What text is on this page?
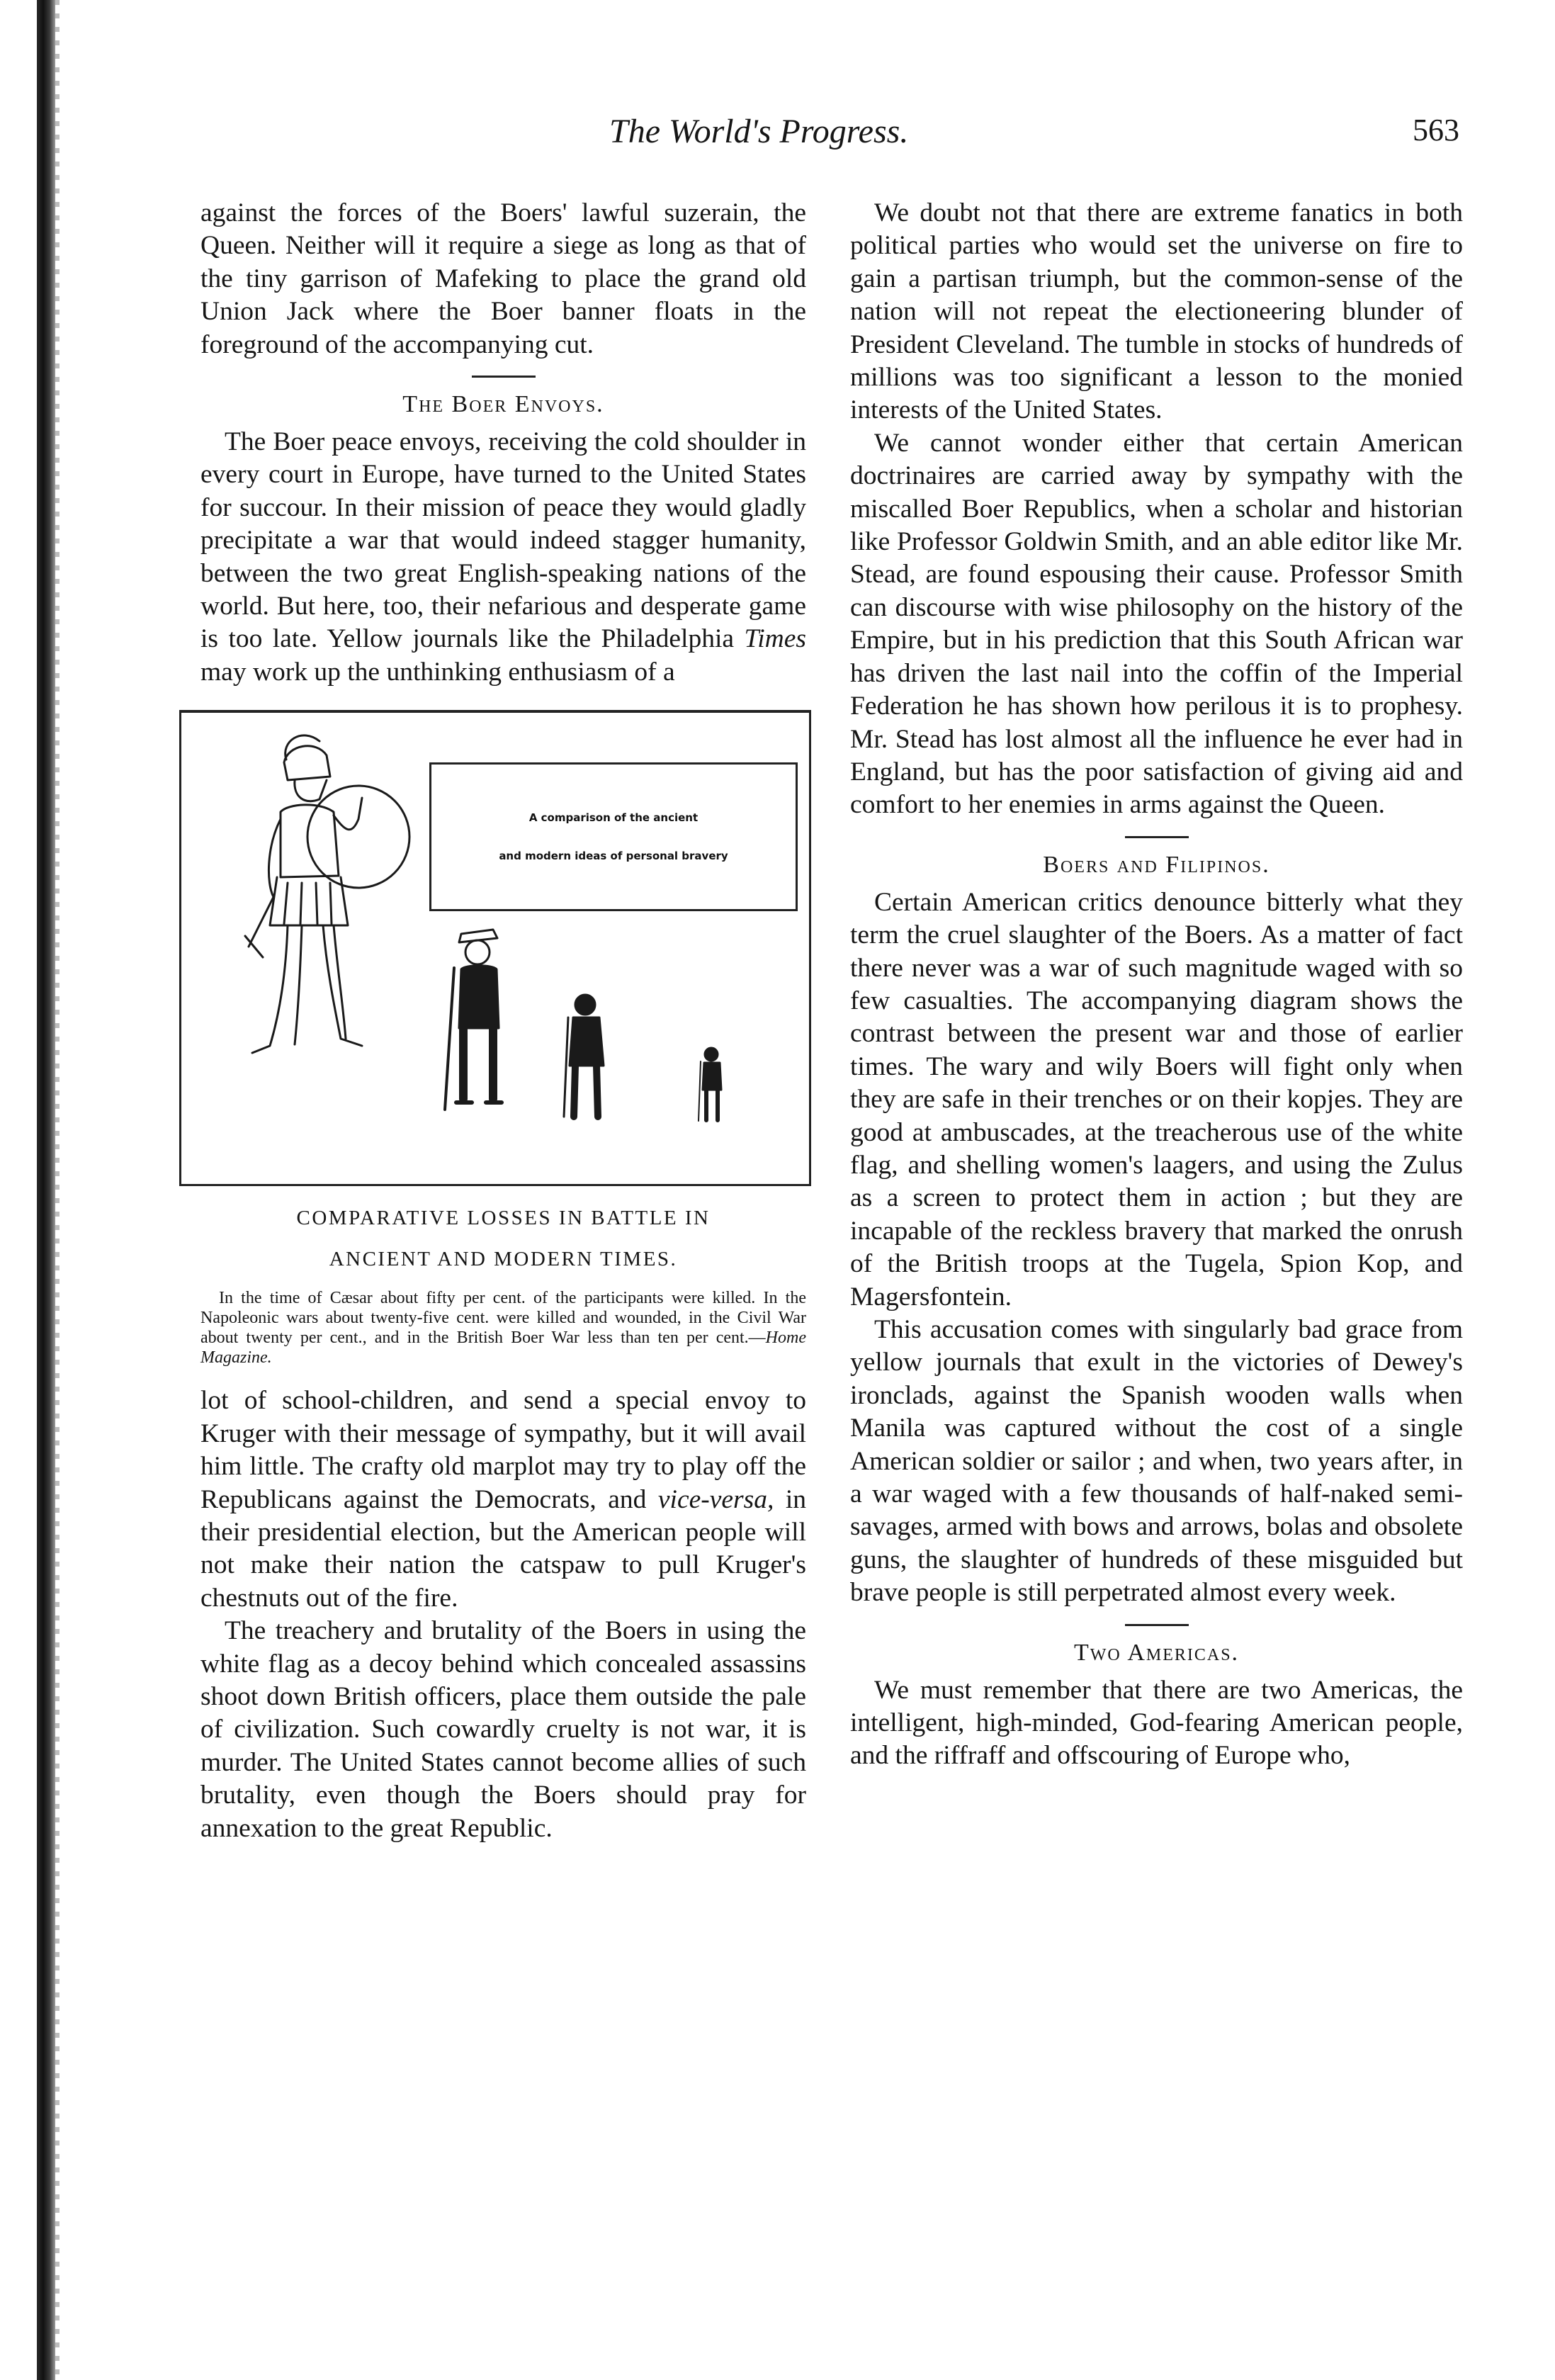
The World's Progress.	563

against the forces of the Boers' lawful suzerain, the Queen. Neither will it require a siege as long as that of the tiny garrison of Mafeking to place the grand old Union Jack where the Boer banner floats in the foreground of the accompanying cut.

The Boer Envoys.

The Boer peace envoys, receiving the cold shoulder in every court in Europe, have turned to the United States for succour. In their mission of peace they would gladly precipitate a war that would indeed stagger humanity, between the two great English-speaking nations of the world. But here, too, their nefarious and desperate game is too late. Yellow journals like the Philadelphia Times may work up the unthinking enthusiasm of a

A comparison of the ancient
and modern ideas of personal bravery
COMPARATIVE LOSSES IN BATTLE IN
ANCIENT AND MODERN TIMES.

In the time of Cæsar about fifty per cent. of the participants were killed. In the Napoleonic wars about twenty-five cent. were killed and wounded, in the Civil War about twenty per cent., and in the British Boer War less than ten per cent.—Home Magazine.

lot of school-children, and send a special envoy to Kruger with their message of sympathy, but it will avail him little. The crafty old marplot may try to play off the Republicans against the Democrats, and vice-versa, in their presidential election, but the American people will not make their nation the catspaw to pull Kruger's chestnuts out of the fire.

The treachery and brutality of the Boers in using the white flag as a decoy behind which concealed assassins shoot down British officers, place them outside the pale of civilization. Such cowardly cruelty is not war, it is murder. The United States cannot become allies of such brutality, even though the Boers should pray for annexation to the great Republic.

We doubt not that there are extreme fanatics in both political parties who would set the universe on fire to gain a partisan triumph, but the common-sense of the nation will not repeat the electioneering blunder of President Cleveland. The tumble in stocks of hundreds of millions was too significant a lesson to the monied interests of the United States.

We cannot wonder either that certain American doctrinaires are carried away by sympathy with the miscalled Boer Republics, when a scholar and historian like Professor Goldwin Smith, and an able editor like Mr. Stead, are found espousing their cause. Professor Smith can discourse with wise philosophy on the history of the Empire, but in his prediction that this South African war has driven the last nail into the coffin of the Imperial Federation he has shown how perilous it is to prophesy. Mr. Stead has lost almost all the influence he ever had in England, but has the poor satisfaction of giving aid and comfort to her enemies in arms against the Queen.

Boers and Filipinos.

Certain American critics denounce bitterly what they term the cruel slaughter of the Boers. As a matter of fact there never was a war of such magnitude waged with so few casualties. The accompanying diagram shows the contrast between the present war and those of earlier times. The wary and wily Boers will fight only when they are safe in their trenches or on their kopjes. They are good at ambuscades, at the treacherous use of the white flag, and shelling women's laagers, and using the Zulus as a screen to protect them in action ; but they are incapable of the reckless bravery that marked the onrush of the British troops at the Tugela, Spion Kop, and Magersfontein.

This accusation comes with singularly bad grace from yellow journals that exult in the victories of Dewey's ironclads, against the Spanish wooden walls when Manila was captured without the cost of a single American soldier or sailor ; and when, two years after, in a war waged with a few thousands of half-naked semi-savages, armed with bows and arrows, bolas and obsolete guns, the slaughter of hundreds of these misguided but brave people is still perpetrated almost every week.

Two Americas.

We must remember that there are two Americas, the intelligent, high-minded, God-fearing American people, and the riffraff and offscouring of Europe who,
